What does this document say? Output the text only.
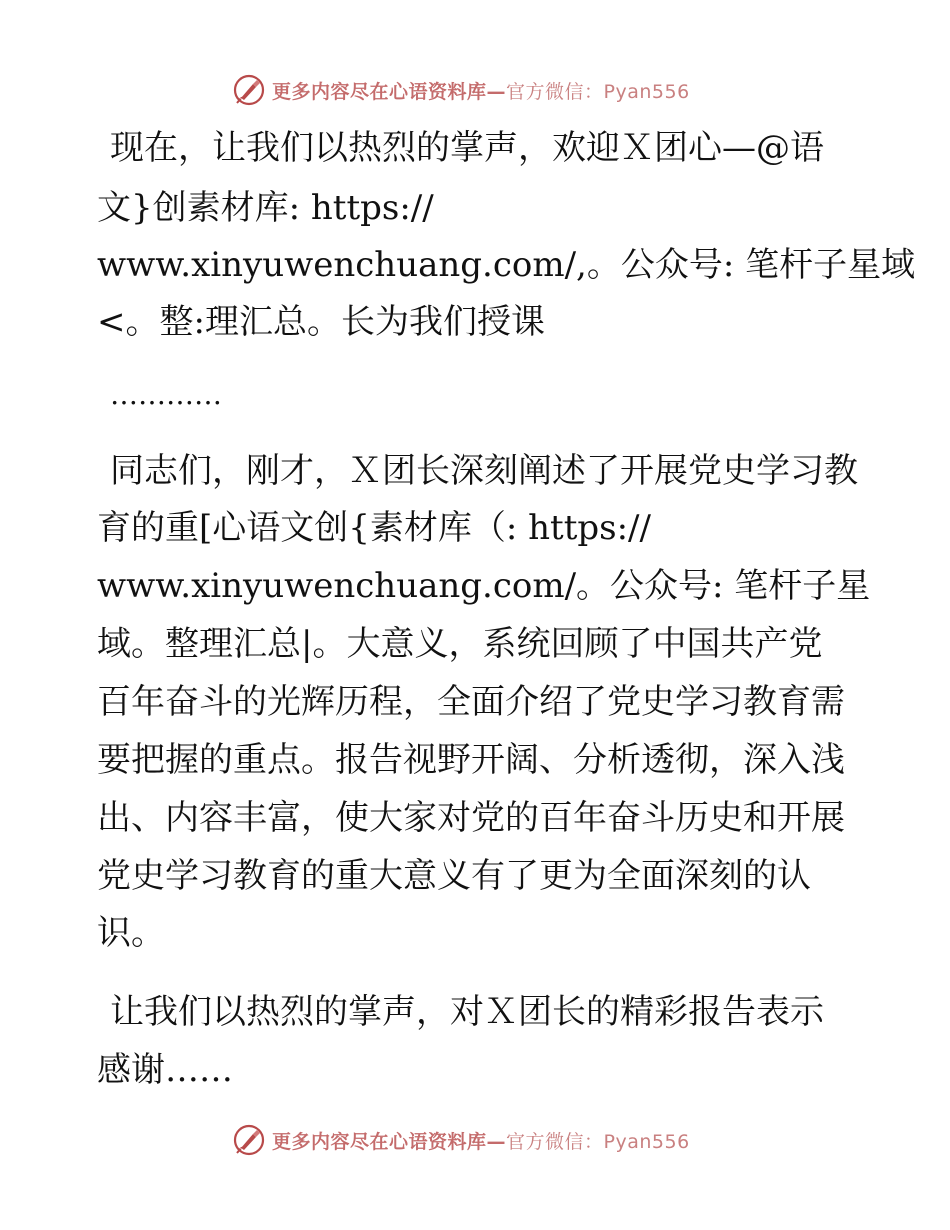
更多内容尽在心语资料库—官方微信：Pyan556
现在，让我们以热烈的掌声，欢迎Ｘ团心—@语
文}创素材库: https://
www.xinyuwenchuang.com/,。公众号: 笔杆子星域
<。整:理汇总。长为我们授课
…………
同志们，刚才，Ｘ团长深刻阐述了开展党史学习教
育的重[心语文创{素材库（: https://
www.xinyuwenchuang.com/。公众号: 笔杆子星
域。整理汇总|。大意义，系统回顾了中国共产党
百年奋斗的光辉历程，全面介绍了党史学习教育需
要把握的重点。报告视野开阔、分析透彻，深入浅
出、内容丰富，使大家对党的百年奋斗历史和开展
党史学习教育的重大意义有了更为全面深刻的认
识。
让我们以热烈的掌声，对Ｘ团长的精彩报告表示
感谢……
更多内容尽在心语资料库—官方微信：Pyan556
